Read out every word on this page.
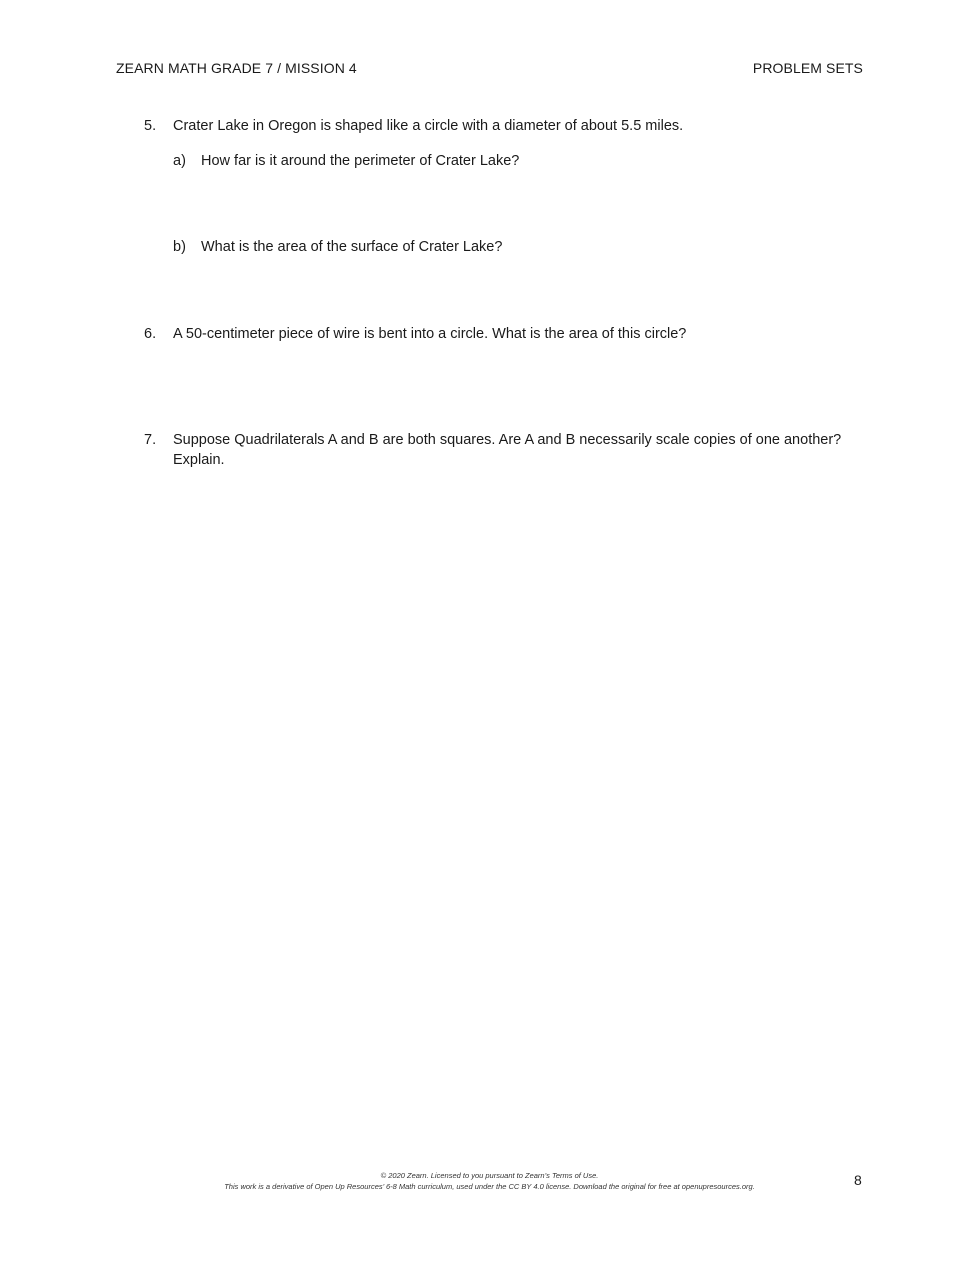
ZEARN MATH GRADE 7 / MISSION 4	PROBLEM SETS
5. Crater Lake in Oregon is shaped like a circle with a diameter of about 5.5 miles.
a) How far is it around the perimeter of Crater Lake?
b) What is the area of the surface of Crater Lake?
6. A 50-centimeter piece of wire is bent into a circle. What is the area of this circle?
7. Suppose Quadrilaterals A and B are both squares. Are A and B necessarily scale copies of one another? Explain.
© 2020 Zearn. Licensed to you pursuant to Zearn’s Terms of Use.
This work is a derivative of Open Up Resources’ 6-8 Math curriculum, used under the CC BY 4.0 license. Download the original for free at openupresources.org.	8
